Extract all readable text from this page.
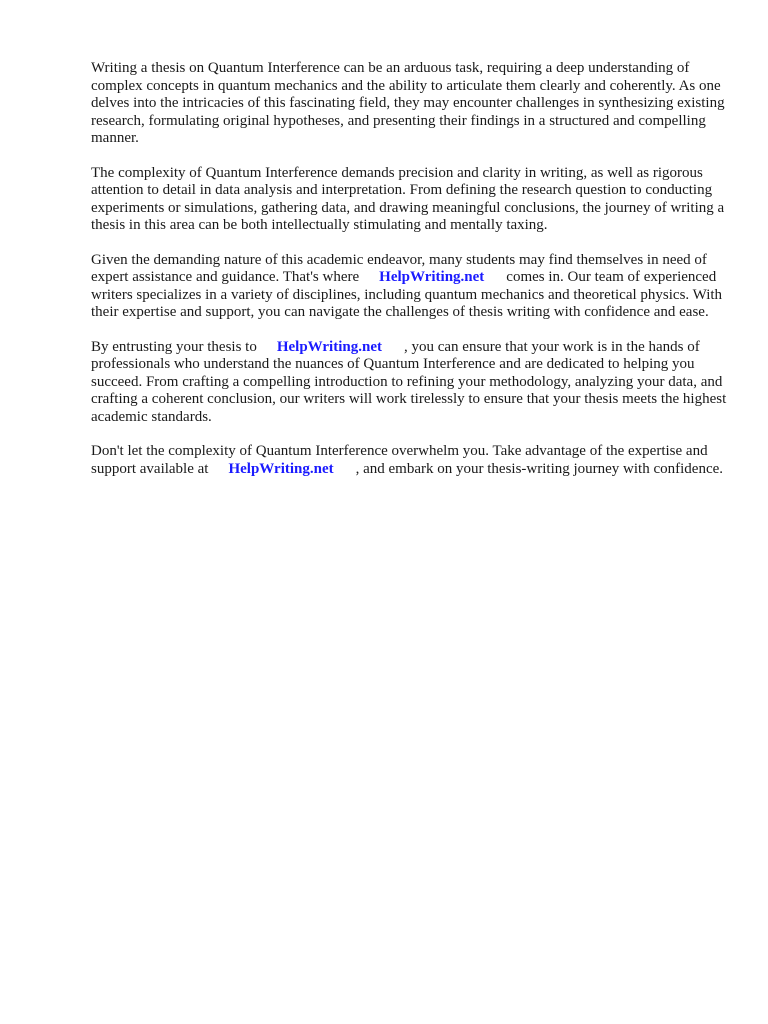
Writing a thesis on Quantum Interference can be an arduous task, requiring a deep understanding of complex concepts in quantum mechanics and the ability to articulate them clearly and coherently. As one delves into the intricacies of this fascinating field, they may encounter challenges in synthesizing existing research, formulating original hypotheses, and presenting their findings in a structured and compelling manner.

The complexity of Quantum Interference demands precision and clarity in writing, as well as rigorous attention to detail in data analysis and interpretation. From defining the research question to conducting experiments or simulations, gathering data, and drawing meaningful conclusions, the journey of writing a thesis in this area can be both intellectually stimulating and mentally taxing.

Given the demanding nature of this academic endeavor, many students may find themselves in need of expert assistance and guidance. That's where HelpWriting.net comes in. Our team of experienced writers specializes in a variety of disciplines, including quantum mechanics and theoretical physics. With their expertise and support, you can navigate the challenges of thesis writing with confidence and ease.

By entrusting your thesis to HelpWriting.net , you can ensure that your work is in the hands of professionals who understand the nuances of Quantum Interference and are dedicated to helping you succeed. From crafting a compelling introduction to refining your methodology, analyzing your data, and crafting a coherent conclusion, our writers will work tirelessly to ensure that your thesis meets the highest academic standards.

Don't let the complexity of Quantum Interference overwhelm you. Take advantage of the expertise and support available at HelpWriting.net , and embark on your thesis-writing journey with confidence.
